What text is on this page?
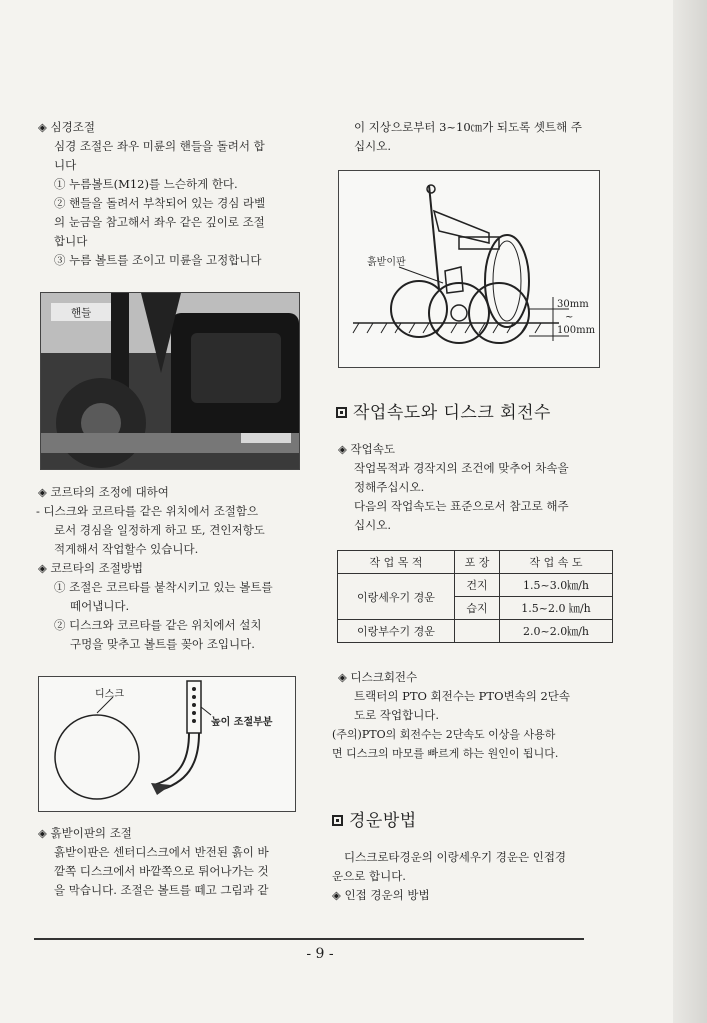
◈ 심경조절

심경 조절은 좌우 미륜의 핸들을 돌려서 합

니다

① 누름볼트(M12)를 느슨하게 한다.

② 핸들을 돌려서 부착되어 있는 경심 라벨

의 눈금을 참고해서 좌우 같은 깊이로 조절

합니다

③ 누름 볼트를 조이고 미륜을 고정합니다

핸들

◈ 코르타의 조정에 대하여

- 디스크와 코르타를 같은 위치에서 조절함으

로서 경심을 일정하게 하고 또, 견인저항도

적게해서 작업할수 있습니다.

◈ 코르타의 조절방법

① 조절은 코르타를 붙착시키고 있는 볼트를

떼어냅니다.

② 디스크와 코르타를 같은 위치에서 설치

구멍을 맞추고 볼트를 꽂아 조입니다.

디스크
높이 조절부분

◈ 흙받이판의 조절

흙받이판은 센터디스크에서 반전된 흙이 바

깥쪽 디스크에서 바깥쪽으로 튀어나가는 것

을 막습니다. 조절은 볼트를 떼고 그림과 같

이 지상으로부터 3~10㎝가 되도록 셋트해 주

십시오.

흙받이판
30mm
~
100mm

작업속도와 디스크 회전수

◈ 작업속도

작업목적과 경작지의 조건에 맞추어 차속을

정해주십시오.

다음의 작업속도는 표준으로서 참고로 해주

십시오.

작 업 목 적	포 장	작 업 속 도
이랑세우기 경운	건지	1.5~3.0㎞/h
	습지	1.5~2.0 ㎞/h
이랑부수기 경운		2.0~2.0㎞/h

◈ 디스크회전수

트랙터의 PTO 회전수는 PTO변속의 2단속

도로 작업합니다.

(주의)PTO의 회전수는 2단속도 이상을 사용하

면 디스크의 마모를 빠르게 하는 원인이 됩니다.

경운방법

디스크로타경운의 이랑세우기 경운은 인접경

운으로 합니다.

◈ 인접 경운의 방법

- 9 -
